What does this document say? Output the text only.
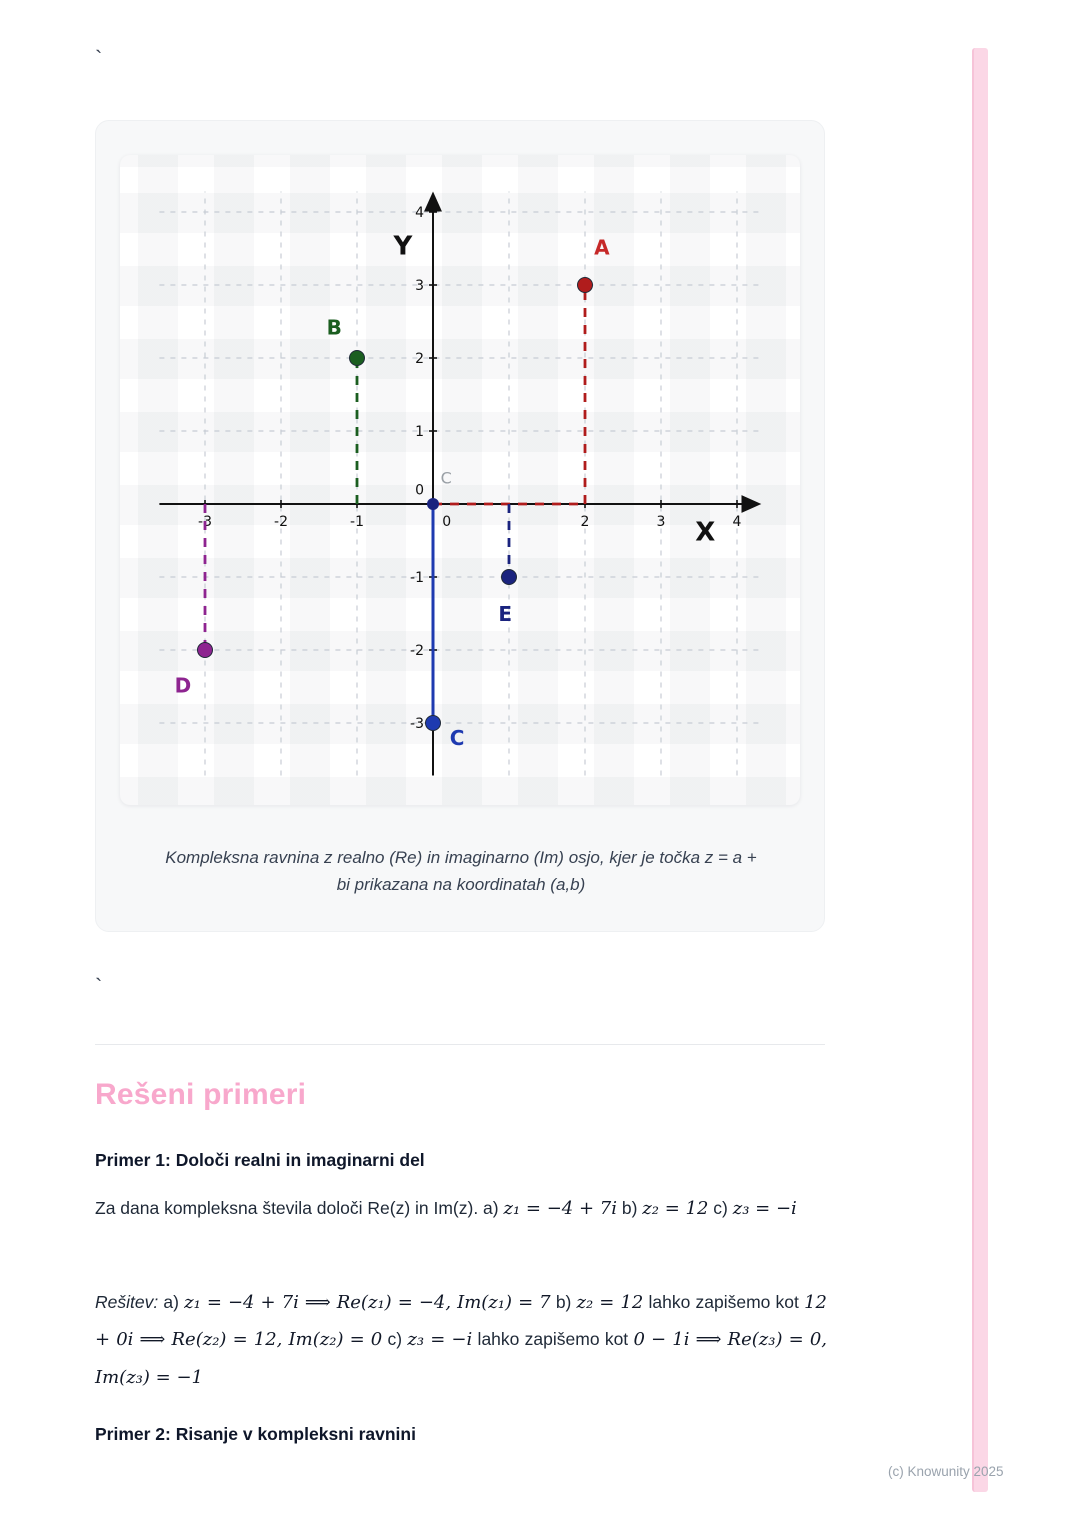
`
-3	-2	-1	0	2	3	4
4
3
2
1
0
-1
-2
-3
X
Y	A
B
C
D
E
C

Kompleksna ravnina z realno (Re) in imaginarno (Im) osjo, kjer je točka z = a + bi prikazana na koordinatah (a,b)

`
Rešeni primeri

Primer 1: Določi realni in imaginarni del

Za dana kompleksna števila določi Re(z) in Im(z). a) z₁ = −4 + 7i b) z₂ = 12 c) z₃ = −i

Rešitev: a) z₁ = −4 + 7i ⟹ Re(z₁) = −4, Im(z₁) = 7 b) z₂ = 12 lahko zapišemo kot 12 + 0i ⟹ Re(z₂) = 12, Im(z₂) = 0 c) z₃ = −i lahko zapišemo kot 0 − 1i ⟹ Re(z₃) = 0, Im(z₃) = −1

Primer 2: Risanje v kompleksni ravnini

(c) Knowunity 2025
